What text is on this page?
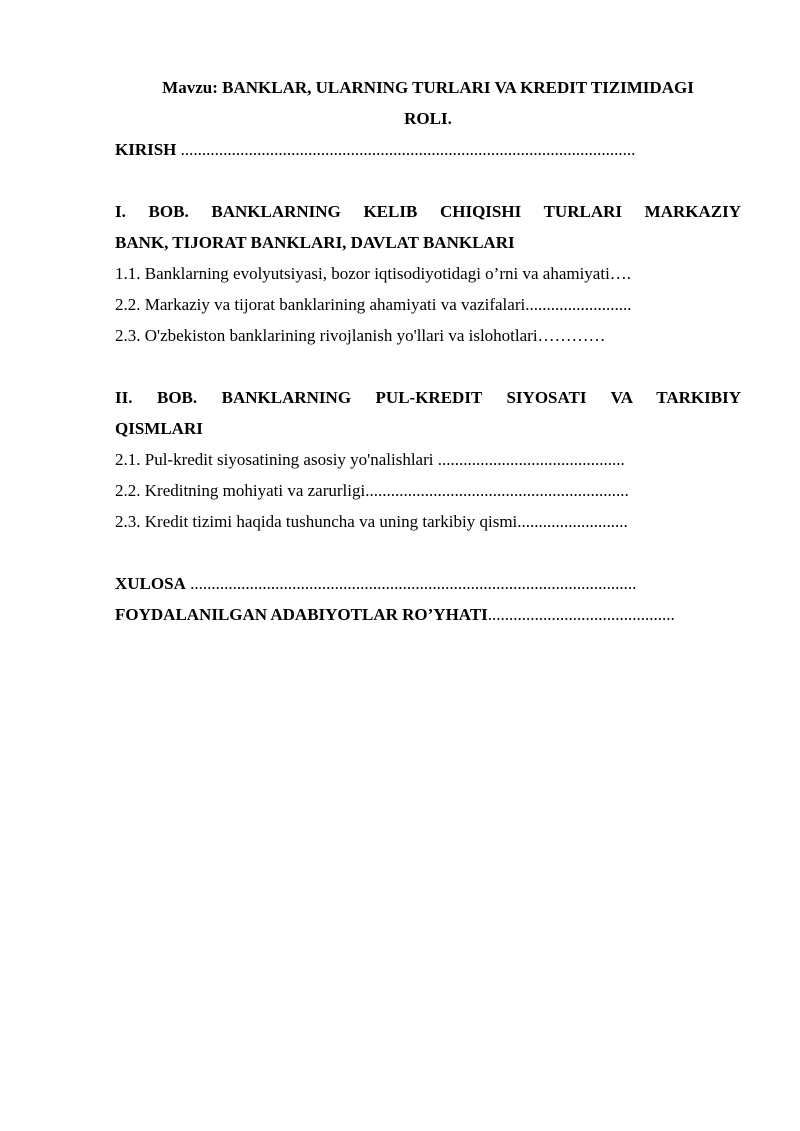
Mavzu: BANKLAR, ULARNING TURLARI VA KREDIT TIZIMIDAGI
ROLI.

KIRISH ...........................................................................................................

I. BOB. BANKLARNING KELIB CHIQISHI TURLARI MARKAZIY
BANK, TIJORAT BANKLARI, DAVLAT BANKLARI

1.1. Banklarning evolyutsiyasi, bozor iqtisodiyotidagi o’rni va ahamiyati….

2.2. Markaziy va tijorat banklarining ahamiyati va vazifalari.........................

2.3. O'zbekiston banklarining rivojlanish yo'llari va islohotlari…………

II. BOB. BANKLARNING PUL-KREDIT SIYOSATI VA TARKIBIY
QISMLARI

2.1. Pul-kredit siyosatining asosiy yo'nalishlari ............................................

2.2. Kreditning mohiyati va zarurligi..............................................................

2.3. Kredit tizimi haqida tushuncha va uning tarkibiy qismi..........................

XULOSA .........................................................................................................

FOYDALANILGAN ADABIYOTLAR RO’YHATI............................................
